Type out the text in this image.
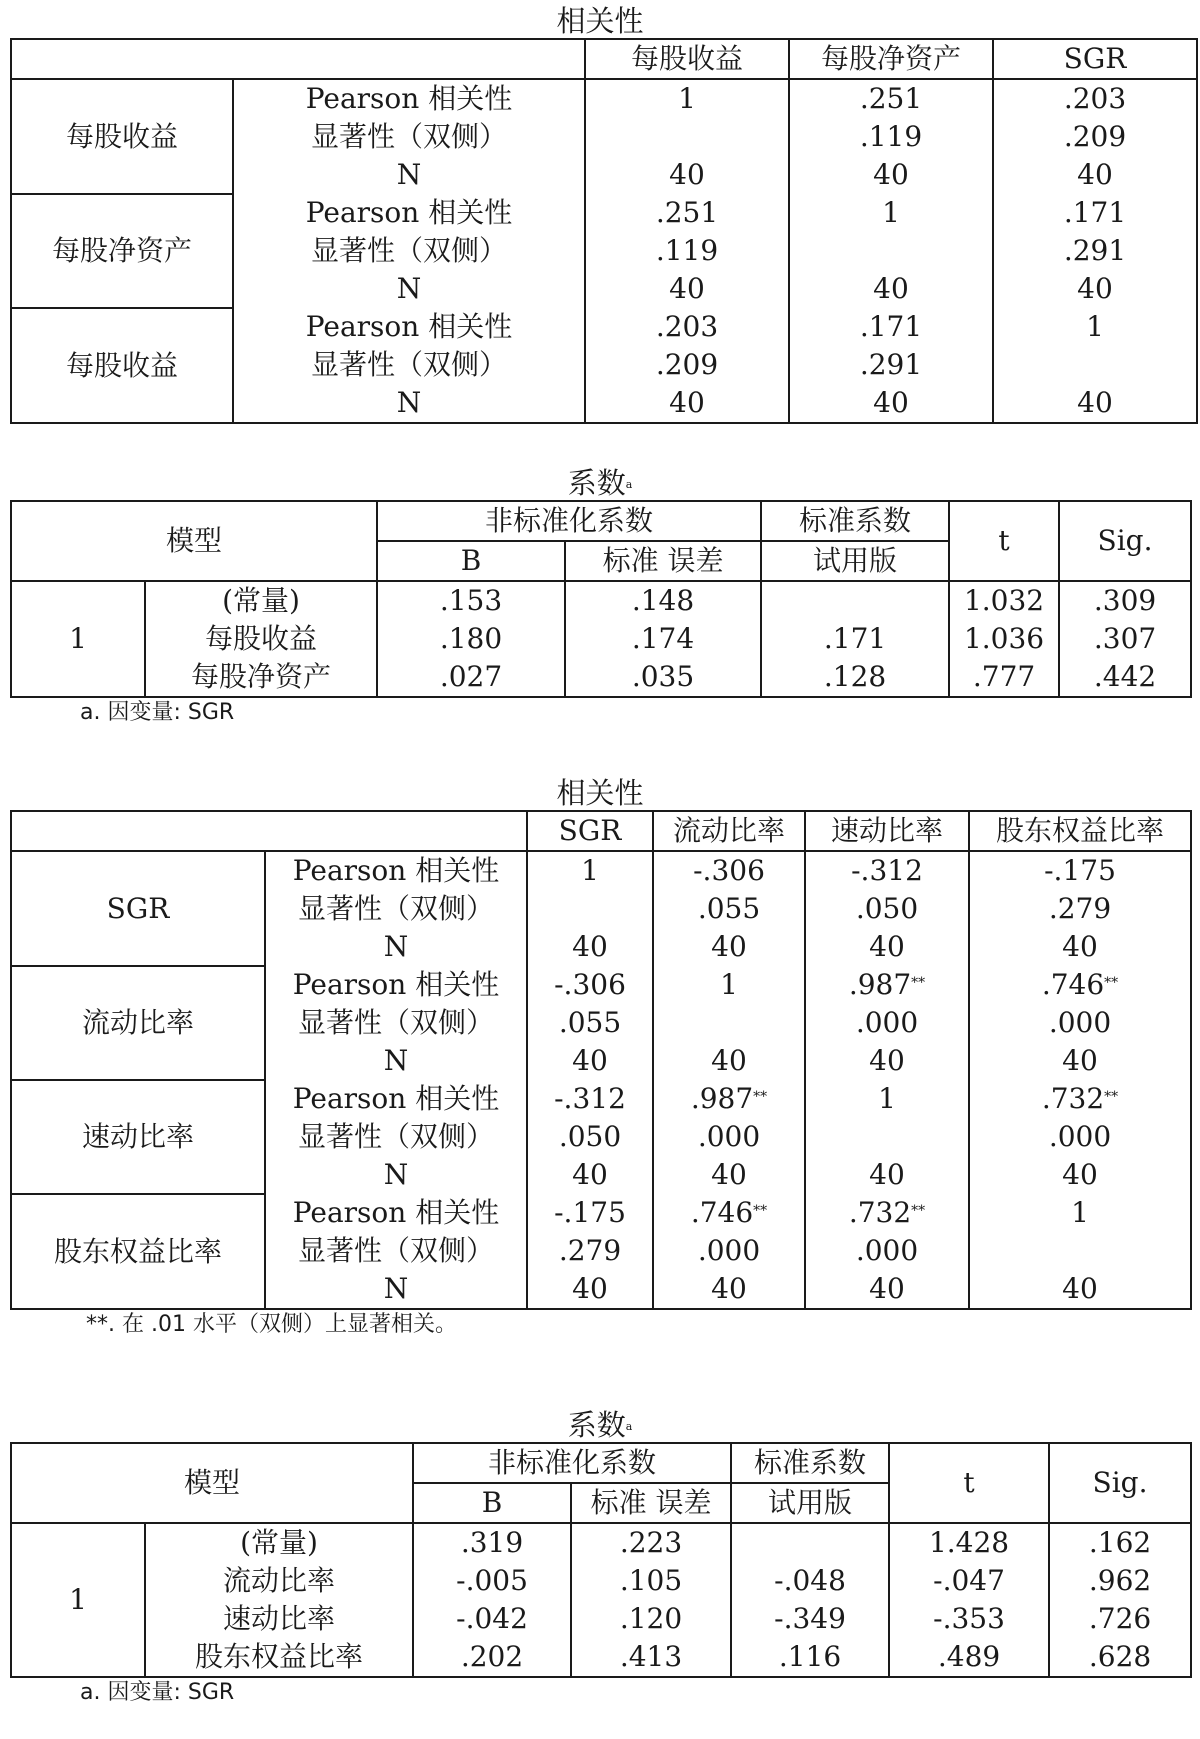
相关性
		每股收益	每股净资产	SGR
每股收益	Pearson 相关性	1	.251	.203
	显著性（双侧）		.119	.209
	N	40	40	40
每股净资产	Pearson 相关性	.251	1	.171
	显著性（双侧）	.119		.291
	N	40	40	40
每股收益	Pearson 相关性	.203	.171	1
	显著性（双侧）	.209	.291	
	N	40	40	40
系数$^a$
模型		非标准化系数		标准系数	t	Sig.
		B	标准 误差	试用版		
1	(常量)	.153	.148		1.032	.309
	每股收益	.180	.174	.171	1.036	.307
	每股净资产	.027	.035	.128	.777	.442
a. 因变量: SGR
相关性
		SGR	流动比率	速动比率	股东权益比率
SGR	Pearson 相关性	1	-.306	-.312	-.175
	显著性（双侧）		.055	.050	.279
	N	40	40	40	40
流动比率	Pearson 相关性	-.306	1	.987**	.746**
	显著性（双侧）	.055		.000	.000
	N	40	40	40	40
速动比率	Pearson 相关性	-.312	.987**	1	.732**
	显著性（双侧）	.050	.000		.000
	N	40	40	40	40
股东权益比率	Pearson 相关性	-.175	.746**	.732**	1
	显著性（双侧）	.279	.000	.000	
	N	40	40	40	40
**. 在 .01 水平（双侧）上显著相关。
系数$^a$
模型		非标准化系数		标准系数	t	Sig.
		B	标准 误差	试用版		
1	(常量)	.319	.223		1.428	.162
	流动比率	-.005	.105	-.048	-.047	.962
	速动比率	-.042	.120	-.349	-.353	.726
	股东权益比率	.202	.413	.116	.489	.628
a. 因变量: SGR
